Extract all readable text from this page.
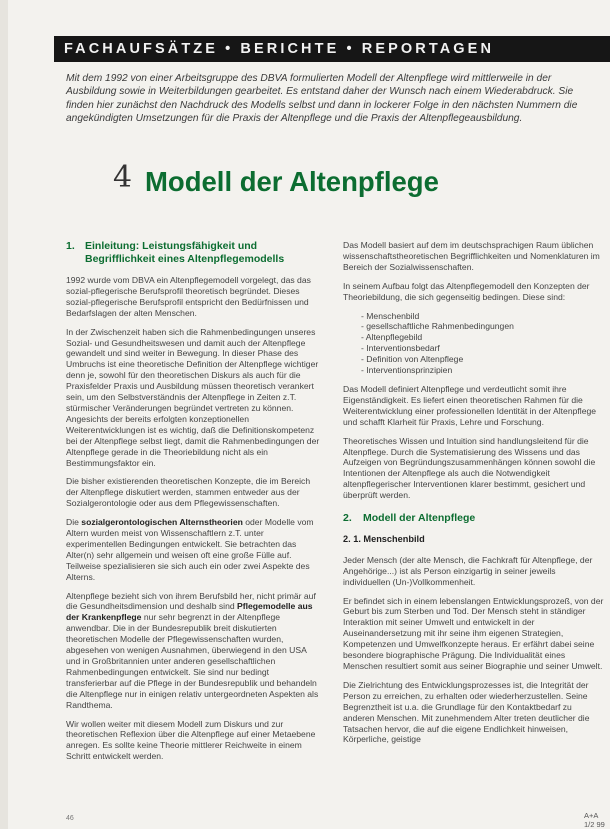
FACHAUFSÄTZE • BERICHTE • REPORTAGEN
Mit dem 1992 von einer Arbeitsgruppe des DBVA formulierten Modell der Altenpflege wird mittlerweile in der Ausbildung sowie in Weiterbildungen gearbeitet. Es entstand daher der Wunsch nach einem Wiederabdruck. Sie finden hier zunächst den Nachdruck des Modells selbst und dann in lockerer Folge in den nächsten Nummern die angekündigten Umsetzungen für die Praxis der Altenpflege und die Praxis der Altenpflegeausbildung.
4 Modell der Altenpflege
1. Einleitung: Leistungsfähigkeit und Begrifflichkeit eines Altenpflegemodells

1992 wurde vom DBVA ein Altenpflegemodell vorgelegt, das das sozial-pflegerische Berufsprofil theoretisch begründet. Dieses sozial-pflegerische Berufsprofil entspricht den Bedürfnissen und Bedarfslagen der alten Menschen.

In der Zwischenzeit haben sich die Rahmenbedingungen unseres Sozial- und Gesundheitswesen und damit auch der Altenpflege gewandelt und sind weiter in Bewegung. In dieser Phase des Umbruchs ist eine theoretische Definition der Altenpflege wichtiger denn je, sowohl für den theoretischen Diskurs als auch für die Praxisfelder Praxis und Ausbildung müssen theoretisch verankert sein, um den Selbstverständnis der Altenpflege in Zeiten z.T. stürmischer Veränderungen begründet vertreten zu können. Angesichts der bereits erfolgten konzeptionellen Weiterentwicklungen ist es wichtig, daß die Definitionskompetenz bei der Altenpflege selbst liegt, damit die Rahmenbedingungen der Altenpflege gerade in die Theoriebildung nicht als ein Bestimmungsfaktor ein.

Die bisher existierenden theoretischen Konzepte, die im Bereich der Altenpflege diskutiert werden, stammen entweder aus der Sozialgerontologie oder aus dem Pflegewissenschaften.

Die sozialgerontologischen Alternstheorien oder Modelle vom Altern wurden meist von Wissenschaftlern z.T. unter experimentellen Bedingungen entwickelt. Sie betrachten das Alter(n) sehr allgemein und weisen oft eine große Fülle auf. Teilweise spezialisieren sie sich auch ein oder zwei Aspekte des Alterns.

Altenpflege bezieht sich von ihrem Berufsbild her, nicht primär auf die Gesundheitsdimension und deshalb sind Pflegemodelle aus der Krankenpflege nur sehr begrenzt in der Altenpflege anwendbar. Die in der Bundesrepublik breit diskutierten theoretischen Modelle der Pflegewissenschaften wurden, abgesehen von wenigen Ausnahmen, überwiegend in den USA und in Großbritannien unter anderen gesellschaftlichen Rahmenbedingungen entwickelt. Sie sind nur bedingt transferierbar auf die Pflege in der Bundesrepublik und behandeln die Altenpflege nur in einigen relativ untergeordneten Aspekten als Randthema.

Wir wollen weiter mit diesem Modell zum Diskurs und zur theoretischen Reflexion über die Altenpflege auf einer Metaebene anregen. Es sollte keine Theorie mittlerer Reichweite in einem Schritt entwickelt werden.

Das Modell basiert auf dem im deutschsprachigen Raum üblichen wissenschaftstheoretischen Begrifflichkeiten und Nomenklaturen im Bereich der Sozialwissenschaften.

In seinem Aufbau folgt das Altenpflegemodell den Konzepten der Theoriebildung, die sich gegenseitig bedingen. Diese sind:

- Menschenbild
- gesellschaftliche Rahmenbedingungen
- Altenpflegebild
- Interventionsbedarf
- Definition von Altenpflege
- Interventionsprinzipien

Das Modell definiert Altenpflege und verdeutlicht somit ihre Eigenständigkeit. Es liefert einen theoretischen Rahmen für die Weiterentwicklung einer professionellen Identität in der Altenpflege und schafft Klarheit für Praxis, Lehre und Forschung.

Theoretisches Wissen und Intuition sind handlungsleitend für die Altenpflege. Durch die Systematisierung des Wissens und das Aufzeigen von Begründungszusammenhängen können sowohl die Intentionen der Altenpflege als auch die Notwendigkeit altenpflegerischer Interventionen klarer bestimmt, gesichert und überprüft werden.

2.	Modell der Altenpflege
2. 1. Menschenbild

Jeder Mensch (der alte Mensch, die Fachkraft für Altenpflege, der Angehörige...) ist als Person einzigartig in seiner jeweils individuellen (Un-)Vollkommenheit.

Er befindet sich in einem lebenslangen Entwicklungsprozeß, von der Geburt bis zum Sterben und Tod. Der Mensch steht in ständiger Interaktion mit seiner Umwelt und entwickelt in der Auseinandersetzung mit ihr seine ihm eigenen Strategien, Kompetenzen und Umwelfkonzepte heraus. Er erfährt dabei seine besondere biographische Prägung. Die Individualität eines Menschen resultiert somit aus seiner Biographie und seiner Umwelt.

Die Zielrichtung des Entwicklungsprozesses ist, die Integrität der Person zu erreichen, zu erhalten oder wiederherzustellen. Seine Begrenztheit ist u.a. die Grundlage für den Kontaktbedarf zu anderen Menschen. Mit zunehmendem Alter treten deutlicher die Tatsachen hervor, die auf die eigene Endlichkeit hinweisen, Körperliche, geistige

46	A+A 1/2 99
